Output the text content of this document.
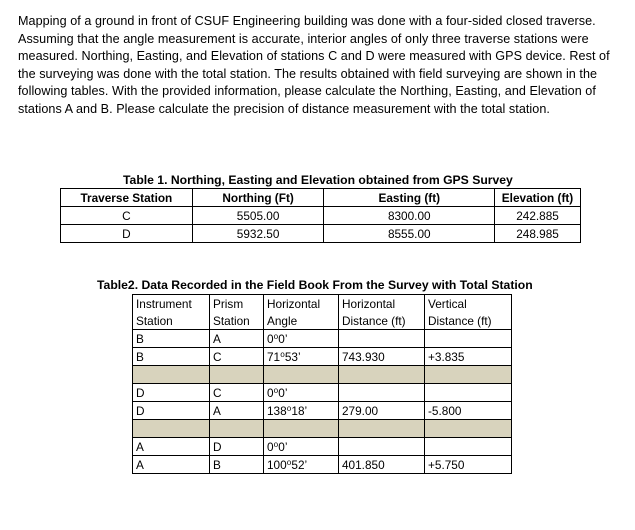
Mapping of a ground in front of CSUF Engineering building was done with a four-sided closed traverse. Assuming that the angle measurement is accurate, interior angles of only three traverse stations were measured. Northing, Easting, and Elevation of stations C and D were measured with GPS device. Rest of the surveying was done with the total station. The results obtained with field surveying are shown in the following tables. With the provided information, please calculate the Northing, Easting, and Elevation of stations A and B. Please calculate the precision of distance measurement with the total station.
Table 1. Northing, Easting and Elevation obtained from GPS Survey
Traverse Station	Northing (Ft)	Easting (ft)	Elevation (ft)
C	5505.00	8300.00	242.885
D	5932.50	8555.00	248.985
Table2. Data Recorded in the Field Book From the Survey with Total Station
Instrument	Prism	Horizontal	Horizontal	Vertical
Station	Station	Angle	Distance (ft)	Distance (ft)
B	A	0⁰0’		
B	C	71⁰53’	743.930	+3.835

D	C	0⁰0’		
D	A	138⁰18’	279.00	-5.800

A	D	0⁰0’		
A	B	100⁰52’	401.850	+5.750
